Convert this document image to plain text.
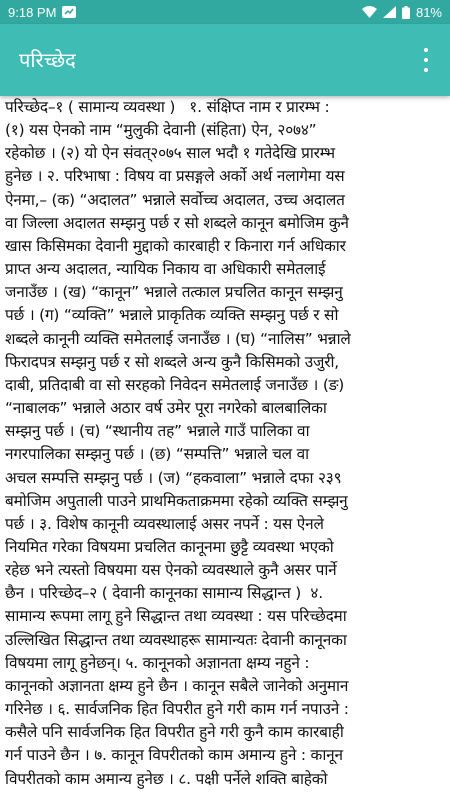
9:18 PM	81%
परिच्छेद
परिच्छेद–१ ( सामान्य व्यवस्था )   १. संक्षिप्त नाम र प्रारम्भ :
(१) यस ऐनको नाम “मुलुकी देवानी (संहिता) ऐन, २०७४”
रहेकोछ । (२) यो ऐन संवत्२०७५ साल भदौ १ गतेदेखि प्रारम्भ
हुनेछ । २. परिभाषा : विषय वा प्रसङ्गले अर्को अर्थ नलागेमा यस
ऐनमा,– (क) “अदालत” भन्नाले सर्वोच्च अदालत, उच्च अदालत
वा जिल्ला अदालत सम्झनु पर्छ र सो शब्दले कानून बमोजिम कुनै
खास किसिमका देवानी मुद्दाको कारबाही र किनारा गर्न अधिकार
प्राप्त अन्य अदालत, न्यायिक निकाय वा अधिकारी समेतलाई
जनाउँछ । (ख) “कानून” भन्नाले तत्काल प्रचलित कानून सम्झनु
पर्छ । (ग) “व्यक्ति” भन्नाले प्राकृतिक व्यक्ति सम्झनु पर्छ र सो
शब्दले कानूनी व्यक्ति समेतलाई जनाउँछ । (घ) “नालिस” भन्नाले
फिरादपत्र सम्झनु पर्छ र सो शब्दले अन्य कुनै किसिमको उजुरी,
दाबी, प्रतिदाबी वा सो सरहको निवेदन समेतलाई जनाउँछ । (ङ)
“नाबालक” भन्नाले अठार वर्ष उमेर पूरा नगरेको बालबालिका
सम्झनु पर्छ । (च) “स्थानीय तह” भन्नाले गाउँ पालिका वा
नगरपालिका सम्झनु पर्छ । (छ) “सम्पत्ति” भन्नाले चल वा
अचल सम्पत्ति सम्झनु पर्छ । (ज) “हकवाला” भन्नाले दफा २३९
बमोजिम अपुताली पाउने प्राथमिकताक्रममा रहेको व्यक्ति सम्झनु
पर्छ । ३. विशेष कानूनी व्यवस्थालाई असर नपर्ने : यस ऐनले
नियमित गरेका विषयमा प्रचलित कानूनमा छुट्टै व्यवस्था भएको
रहेछ भने त्यस्तो विषयमा यस ऐनको व्यवस्थाले कुनै असर पार्ने
छैन । परिच्छेद–२ ( देवानी कानूनका सामान्य सिद्धान्त )  ४.
सामान्य रूपमा लागू हुने सिद्धान्त तथा व्यवस्था : यस परिच्छेदमा
उल्लिखित सिद्धान्त तथा व्यवस्थाहरू सामान्यतः देवानी कानूनका
विषयमा लागू हुनेछन्। ५. कानूनको अज्ञानता क्षम्य नहुने :
कानूनको अज्ञानता क्षम्य हुने छैन । कानून सबैले जानेको अनुमान
गरिनेछ । ६. सार्वजनिक हित विपरीत हुने गरी काम गर्न नपाउने :
कसैले पनि सार्वजनिक हित विपरीत हुने गरी कुनै काम कारबाही
गर्न पाउने छैन । ७. कानून विपरीतको काम अमान्य हुने : कानून
विपरीतको काम अमान्य हुनेछ । ८. पक्षी पर्नेले शक्ति बाहेको
